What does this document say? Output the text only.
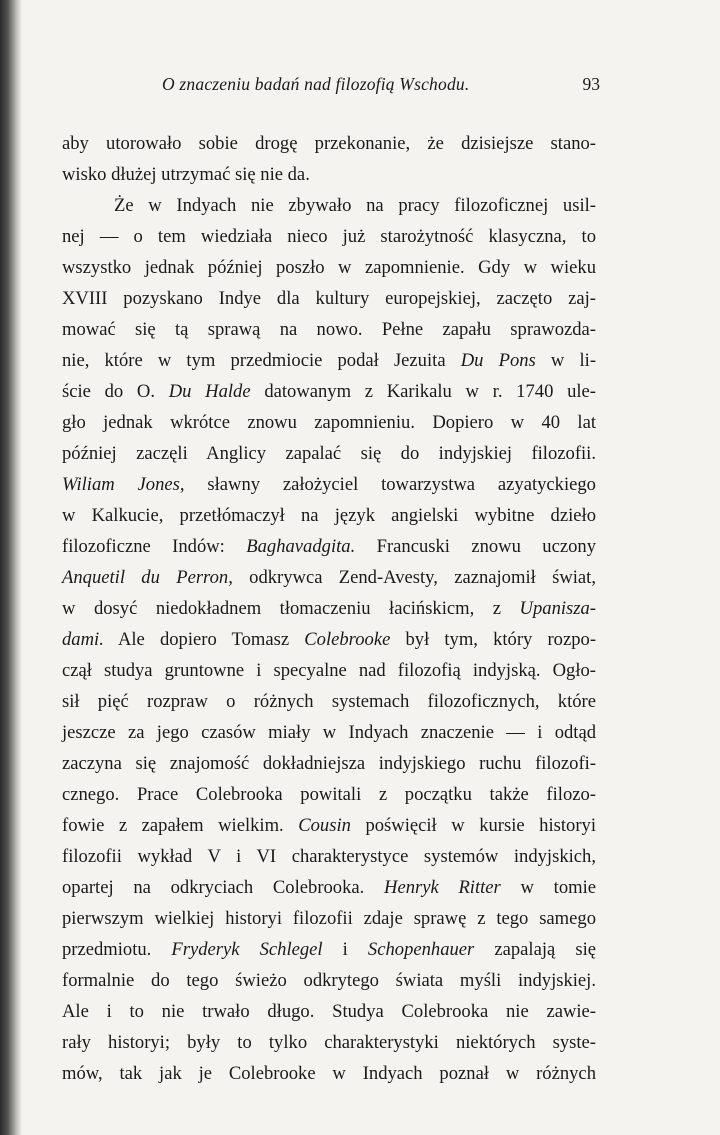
O znaczeniu badań nad filozofią Wschodu.	93
aby utorowało sobie drogę przekonanie, że dzisiejsze stano-
wisko dłużej utrzymać się nie da.
Że w Indyach nie zbywało na pracy filozoficznej usil-
nej — o tem wiedziała nieco już starożytność klasyczna, to
wszystko jednak później poszło w zapomnienie. Gdy w wieku
XVIII pozyskano Indye dla kultury europejskiej, zaczęto zaj-
mować się tą sprawą na nowo. Pełne zapału sprawozda-
nie, które w tym przedmiocie podał Jezuita Du Pons w li-
ście do O. Du Halde datowanym z Karikalu w r. 1740 ule-
gło jednak wkrótce znowu zapomnieniu. Dopiero w 40 lat
później zaczęli Anglicy zapalać się do indyjskiej filozofii.
Wiliam Jones, sławny założyciel towarzystwa azyatyckiego
w Kalkucie, przetłómaczył na język angielski wybitne dzieło
filozoficzne Indów: Baghavadgita. Francuski znowu uczony
Anquetil du Perron, odkrywca Zend-Avesty, zaznajomił świat,
w dosyć niedokładnem tłomaczeniu łacińskicm, z Upanisza-
dami. Ale dopiero Tomasz Colebrooke był tym, który rozpo-
czął studya gruntowne i specyalne nad filozofią indyjską. Ogło-
sił pięć rozpraw o różnych systemach filozoficznych, które
jeszcze za jego czasów miały w Indyach znaczenie — i odtąd
zaczyna się znajomość dokładniejsza indyjskiego ruchu filozofi-
cznego. Prace Colebrooka powitali z początku także filozo-
fowie z zapałem wielkim. Cousin poświęcił w kursie historyi
filozofii wykład V i VI charakterystyce systemów indyjskich,
opartej na odkryciach Colebrooka. Henryk Ritter w tomie
pierwszym wielkiej historyi filozofii zdaje sprawę z tego samego
przedmiotu. Fryderyk Schlegel i Schopenhauer zapalają się
formalnie do tego świeżo odkrytego świata myśli indyjskiej.
Ale i to nie trwało długo. Studya Colebrooka nie zawie-
rały historyi; były to tylko charakterystyki niektórych syste-
mów, tak jak je Colebrooke w Indyach poznał w różnych
